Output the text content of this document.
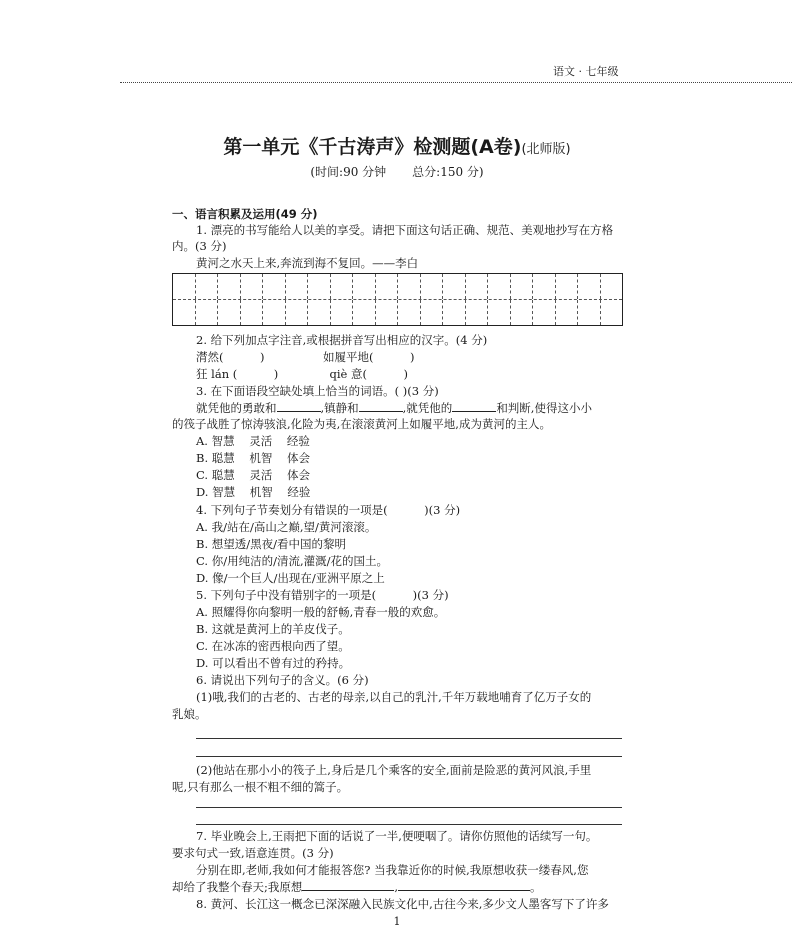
语文 · 七年级
第一单元《千古涛声》检测题(A卷)(北师版)
(时间:90 分钟 总分:150 分)
一、语言积累及运用(49 分)
1. 漂亮的书写能给人以美的享受。请把下面这句话正确、规范、美观地抄写在方格
内。(3 分)
黄河之水天上来,奔流到海不复回。——李白
2. 给下列加点字注音,或根据拼音写出相应的汉字。(4 分)
潸然(          )                如履平地(          )
狂 lán (          )              qiè 意(          )
3. 在下面语段空缺处填上恰当的词语。( )(3 分)
就凭他的勇敢和	,镇静和	,就凭他的	和判断,使得这小小
的筏子战胜了惊涛骇浪,化险为夷,在滚滚黄河上如履平地,成为黄河的主人。
A. 智慧    灵活    经验
B. 聪慧    机智    体会
C. 聪慧    灵活    体会
D. 智慧    机智    经验
4. 下列句子节奏划分有错误的一项是(          )(3 分)
A. 我/站在/高山之巅,望/黄河滚滚。
B. 想望透/黑夜/看中国的黎明
C. 你/用纯洁的/清流,灌溉/花的国土。
D. 像/一个巨人/出现在/亚洲平原之上
5. 下列句子中没有错别字的一项是(          )(3 分)
A. 照耀得你向黎明一般的舒畅,青春一般的欢愈。
B. 这就是黄河上的羊皮伐子。
C. 在冰冻的密西根向西了望。
D. 可以看出不曾有过的矜持。
6. 请说出下列句子的含义。(6 分)
(1)哦,我们的古老的、古老的母亲,以自己的乳汁,千年万载地哺育了亿万子女的
乳娘。
(2)他站在那小小的筏子上,身后是几个乘客的安全,面前是险恶的黄河风浪,手里
呢,只有那么一根不粗不细的篙子。
7. 毕业晚会上,王雨把下面的话说了一半,便哽咽了。请你仿照他的话续写一句。
要求句式一致,语意连贯。(3 分)
分别在即,老师,我如何才能报答您? 当我靠近你的时候,我原想收获一缕春风,您
却给了我整个春天;我原想	,	。
8. 黄河、长江这一概念已深深融入民族文化中,古往今来,多少文人墨客写下了许多
1
